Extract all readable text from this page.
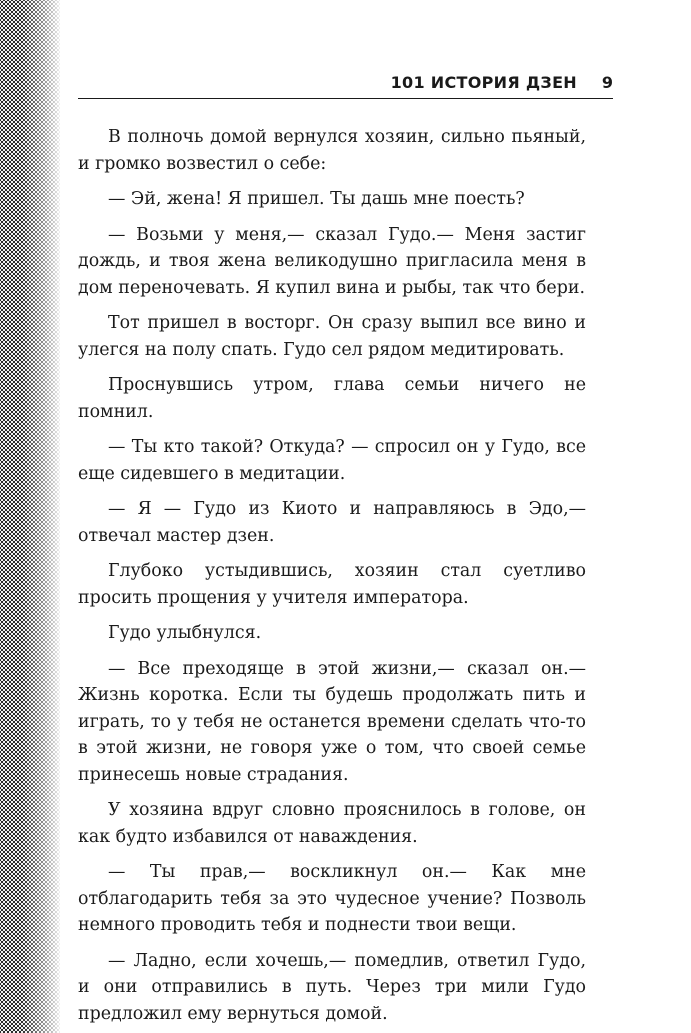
101 ИСТОРИЯ ДЗЕН 9

В полночь домой вернулся хозяин, сильно пьяный, и громко возвестил о себе:

— Эй, жена! Я пришел. Ты дашь мне поесть?

— Возьми у меня,— сказал Гудо.— Меня застиг дождь, и твоя жена великодушно пригласила меня в дом переночевать. Я купил вина и рыбы, так что бери.

Тот пришел в восторг. Он сразу выпил все вино и улегся на полу спать. Гудо сел рядом медитировать.

Проснувшись утром, глава семьи ничего не помнил.

— Ты кто такой? Откуда? — спросил он у Гудо, все еще сидевшего в медитации.

— Я — Гудо из Киото и направляюсь в Эдо,— отвечал мастер дзен.

Глубоко устыдившись, хозяин стал суетливо просить прощения у учителя императора.

Гудо улыбнулся.

— Все преходяще в этой жизни,— сказал он.— Жизнь коротка. Если ты будешь продолжать пить и играть, то у тебя не останется времени сделать что-то в этой жизни, не говоря уже о том, что своей семье принесешь новые страдания.

У хозяина вдруг словно прояснилось в голове, он как будто избавился от наваждения.

— Ты прав,— воскликнул он.— Как мне отблагодарить тебя за это чудесное учение? Позволь немного проводить тебя и поднести твои вещи.

— Ладно, если хочешь,— помедлив, ответил Гудо, и они отправились в путь. Через три мили Гудо предложил ему вернуться домой.
